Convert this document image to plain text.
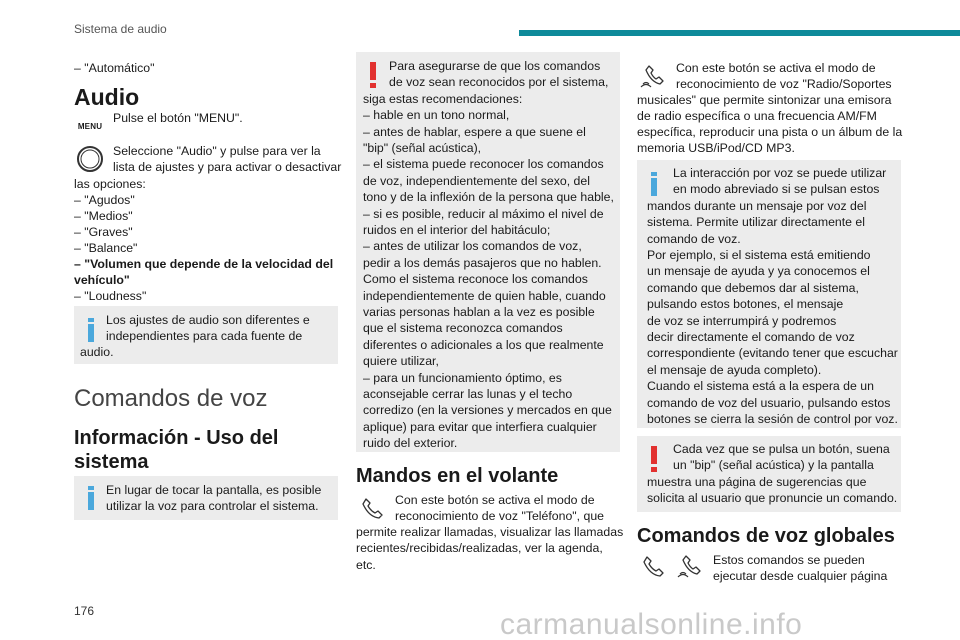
Sistema de audio
176	carmanualsonline.info
– "Automático"
Audio
MENU
Pulse el botón "MENU".
Seleccione "Audio" y pulse para ver la
lista de ajustes y para activar o desactivar
las opciones:
– "Agudos"
– "Medios"
– "Graves"
– "Balance"
– "Volumen que depende de la velocidad del
vehículo"
– "Loudness"
Los ajustes de audio son diferentes e
independientes para cada fuente de
audio.
Comandos de voz
Información - Uso del
sistema
En lugar de tocar la pantalla, es posible
utilizar la voz para controlar el sistema.
Para asegurarse de que los comandos
de voz sean reconocidos por el sistema,
siga estas recomendaciones:
– hable en un tono normal,
– antes de hablar, espere a que suene el
"bip" (señal acústica),
– el sistema puede reconocer los comandos
de voz, independientemente del sexo, del
tono y de la inflexión de la persona que hable,
– si es posible, reducir al máximo el nivel de
ruidos en el interior del habitáculo;
– antes de utilizar los comandos de voz,
pedir a los demás pasajeros que no hablen.
Como el sistema reconoce los comandos
independientemente de quien hable, cuando
varias personas hablan a la vez es posible
que el sistema reconozca comandos
diferentes o adicionales a los que realmente
quiere utilizar,
– para un funcionamiento óptimo, es
aconsejable cerrar las lunas y el techo
corredizo (en la versiones y mercados en que
aplique) para evitar que interfiera cualquier
ruido del exterior.
Mandos en el volante
Con este botón se activa el modo de
reconocimiento de voz "Teléfono", que
permite realizar llamadas, visualizar las llamadas
recientes/recibidas/realizadas, ver la agenda,
etc.
Con este botón se activa el modo de
reconocimiento de voz "Radio/Soportes
musicales" que permite sintonizar una emisora
de radio específica o una frecuencia AM/FM
específica, reproducir una pista o un álbum de la
memoria USB/iPod/CD MP3.
La interacción por voz se puede utilizar
en modo abreviado si se pulsan estos
mandos durante un mensaje por voz del
sistema. Permite utilizar directamente el
comando de voz.
Por ejemplo, si el sistema está emitiendo
un mensaje de ayuda y ya conocemos el
comando que debemos dar al sistema,
pulsando estos botones, el mensaje
de voz se interrumpirá y podremos
decir directamente el comando de voz
correspondiente (evitando tener que escuchar
el mensaje de ayuda completo).
Cuando el sistema está a la espera de un
comando de voz del usuario, pulsando estos
botones se cierra la sesión de control por voz.
Cada vez que se pulsa un botón, suena
un "bip" (señal acústica) y la pantalla
muestra una página de sugerencias que
solicita al usuario que pronuncie un comando.
Comandos de voz globales
Estos comandos se pueden
ejecutar desde cualquier página
